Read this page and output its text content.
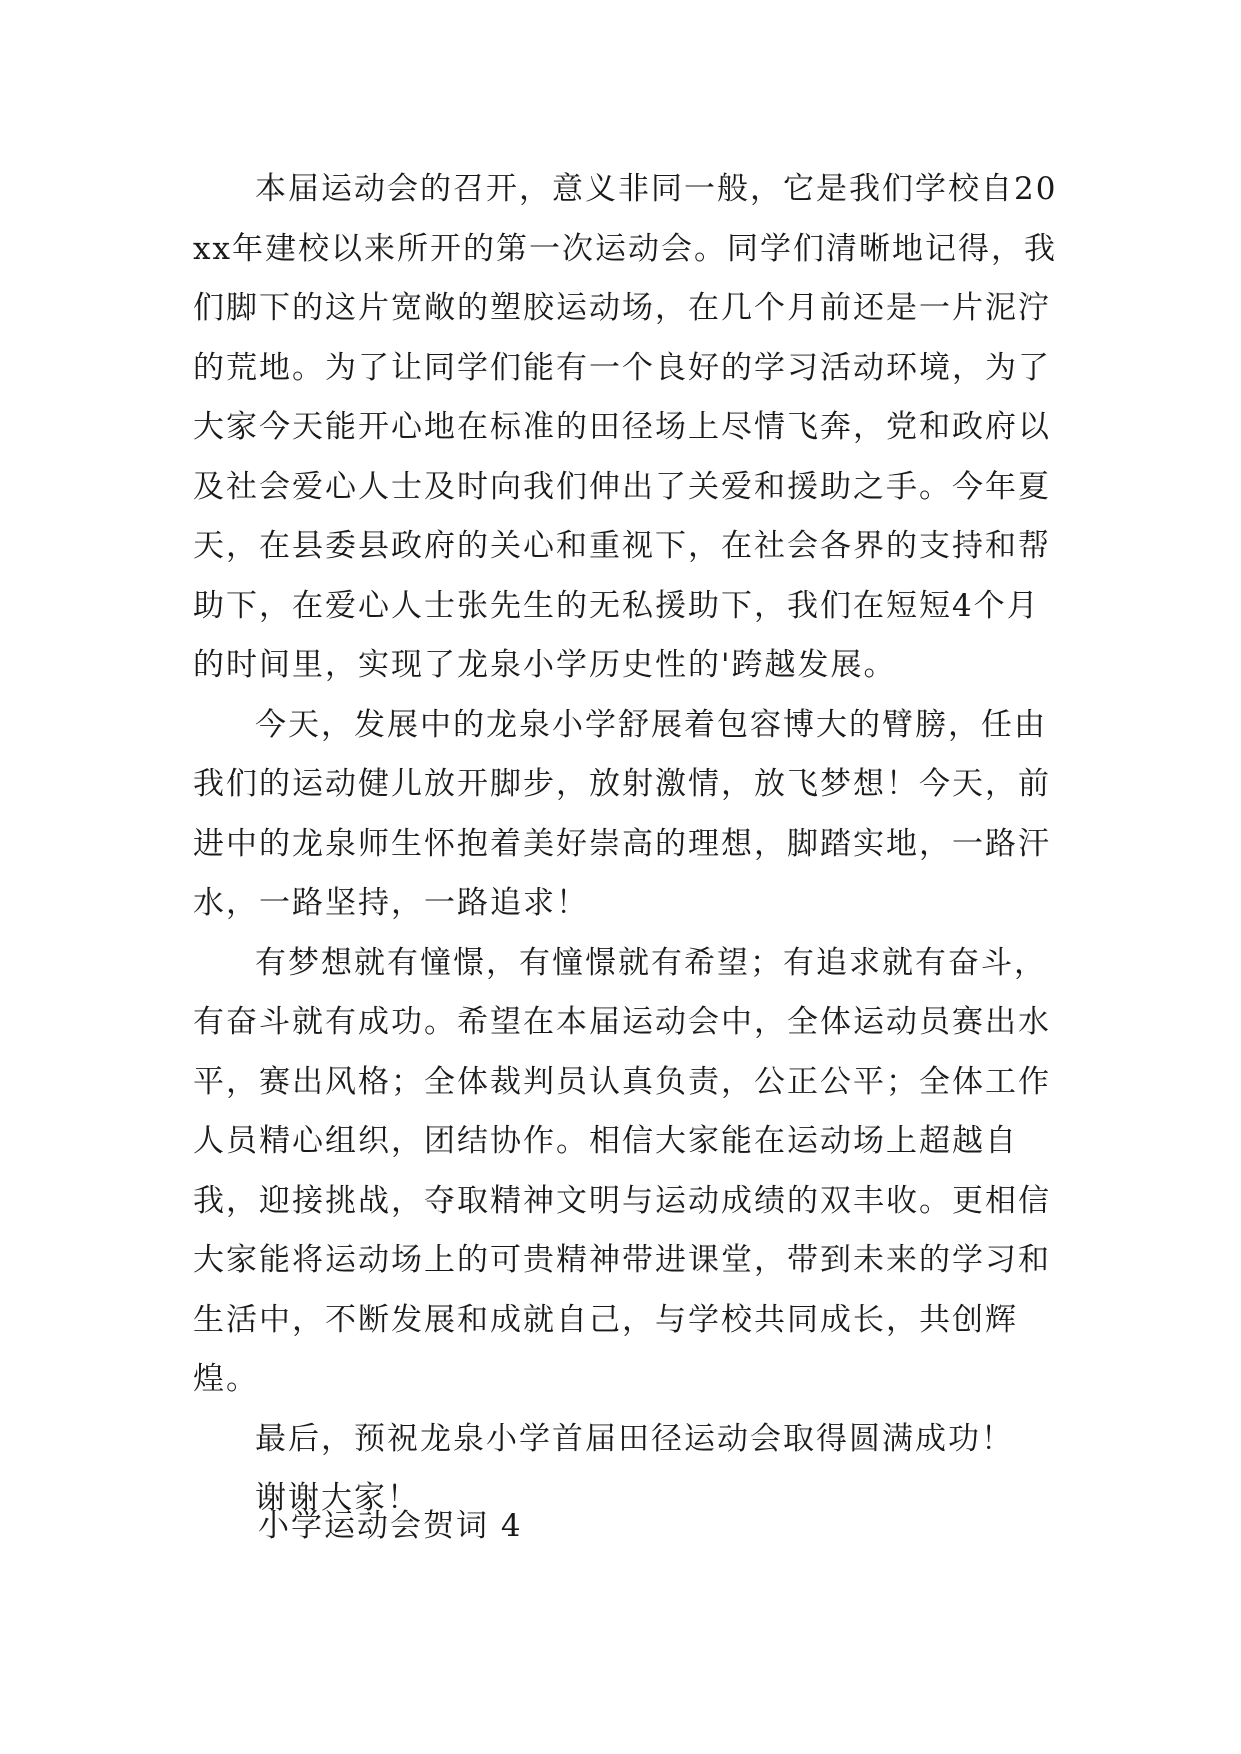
本届运动会的召开，意义非同一般，它是我们学校自20xx年建校以来所开的第一次运动会。同学们清晰地记得，我们脚下的这片宽敞的塑胶运动场，在几个月前还是一片泥泞的荒地。为了让同学们能有一个良好的学习活动环境，为了大家今天能开心地在标准的田径场上尽情飞奔，党和政府以及社会爱心人士及时向我们伸出了关爱和援助之手。今年夏天，在县委县政府的关心和重视下，在社会各界的支持和帮助下，在爱心人士张先生的无私援助下，我们在短短4个月的时间里，实现了龙泉小学历史性的'跨越发展。

今天，发展中的龙泉小学舒展着包容博大的臂膀，任由我们的运动健儿放开脚步，放射激情，放飞梦想！今天，前进中的龙泉师生怀抱着美好崇高的理想，脚踏实地，一路汗水，一路坚持，一路追求！

有梦想就有憧憬，有憧憬就有希望；有追求就有奋斗，有奋斗就有成功。希望在本届运动会中，全体运动员赛出水平，赛出风格；全体裁判员认真负责，公正公平；全体工作人员精心组织，团结协作。相信大家能在运动场上超越自我，迎接挑战，夺取精神文明与运动成绩的双丰收。更相信大家能将运动场上的可贵精神带进课堂，带到未来的学习和生活中，不断发展和成就自己，与学校共同成长，共创辉煌。

最后，预祝龙泉小学首届田径运动会取得圆满成功！

谢谢大家！

小学运动会贺词 4
